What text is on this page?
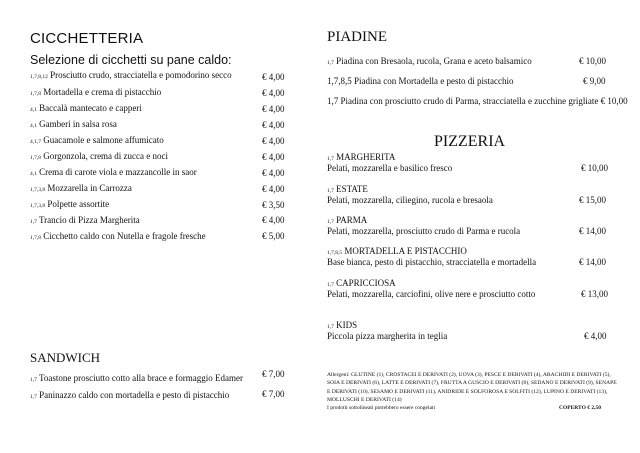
CICCHETTERIA
Selezione di cicchetti su pane caldo:
1,7,8,12 Prosciutto crudo, stracciatella e pomodorino secco	€ 4,00
1,7,8 Mortadella e crema di pistacchio	€ 4,00
4,1 Baccalà mantecato e capperi	€ 4,00
4,1 Gamberi in salsa rosa	€ 4,00
4,1,7 Guacamole e salmone affumicato	€ 4,00
1,7,8 Gorgonzola, crema di zucca e noci	€ 4,00
4,1 Crema di carote viola e mazzancolle in saor	€ 4,00
1,7,3,8 Mozzarella in Carrozza	€ 4,00
1,7,3,8 Polpette assortite	€ 3,50
1,7 Trancio di Pizza Margherita	€ 4,00
1,7,8 Cicchetto caldo con Nutella e fragole fresche	€ 5,00
SANDWICH
1,7 Toastone prosciutto cotto alla brace e formaggio Edamer € 7,00
1,7 Paninazzo caldo con mortadella e pesto di pistacchio	€ 7,00
PIADINE
1,7 Piadina con Bresaola, rucola, Grana e aceto balsamico	€ 10,00
1,7,8,5 Piadina con Mortadella e pesto di pistacchio	€ 9,00
1,7 Piadina con prosciutto crudo di Parma, stracciatella e zucchine grigliate € 10,00
PIZZERIA
1,7 MARGHERITA
Pelati, mozzarella e basilico fresco	€ 10,00
1,7 ESTATE
Pelati, mozzarella, ciliegino, rucola e bresaola	€ 15,00
1,7 PARMA
Pelati, mozzarella, prosciutto crudo di Parma e rucola	€ 14,00
1,7,8,5 MORTADELLA E PISTACCHIO
Base bianca, pesto di pistacchio, stracciatella e mortadella	€ 14,00
1,7 CAPRICCIOSA
Pelati, mozzarella, carciofini, olive nere e prosciutto cotto	€ 13,00
1,7 KIDS
Piccola pizza margherita in teglia	€ 4,00
Allergeni: GLUTINE (1), CROSTACEI E DERIVATI (2), UOVA (3), PESCE E DERIVATI (4), ARACHIDI E DERIVATI (5), SOIA E DERIVATI (6), LATTE E DERIVATI (7), FRUTTA A GUSCIO E DERIVATI (8), SEDANO E DERIVATI (9), SENAPE E DERIVATI (10), SESAMO E DERIVATI (11), ANIDRIDE E SOLFOROSA E SOLFITI (12), LUPINO E DERIVATI (13), MOLLUSCHI E DERIVATI (14)
I prodotti sottolineati potrebbero essere congelati	COPERTO € 2,50
